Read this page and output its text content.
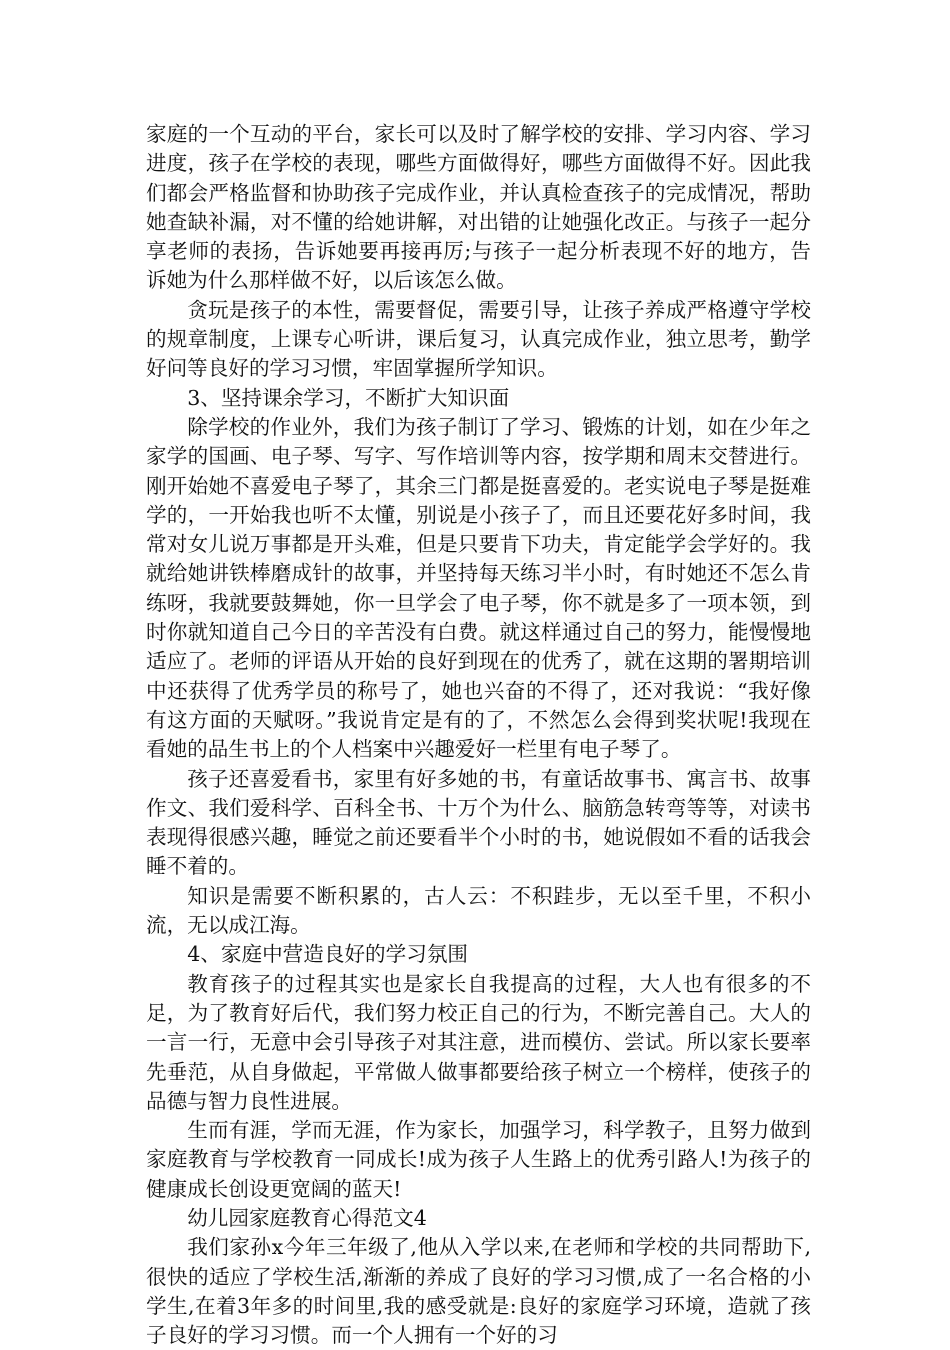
家庭的一个互动的平台，家长可以及时了解学校的安排、学习内容、学习进度，孩子在学校的表现，哪些方面做得好，哪些方面做得不好。因此我们都会严格监督和协助孩子完成作业，并认真检查孩子的完成情况，帮助她查缺补漏，对不懂的给她讲解，对出错的让她强化改正。与孩子一起分享老师的表扬，告诉她要再接再厉;与孩子一起分析表现不好的地方，告诉她为什么那样做不好，以后该怎么做。

贪玩是孩子的本性，需要督促，需要引导，让孩子养成严格遵守学校的规章制度，上课专心听讲，课后复习，认真完成作业，独立思考，勤学好问等良好的学习习惯，牢固掌握所学知识。

3、坚持课余学习，不断扩大知识面

除学校的作业外，我们为孩子制订了学习、锻炼的计划，如在少年之家学的国画、电子琴、写字、写作培训等内容，按学期和周末交替进行。刚开始她不喜爱电子琴了，其余三门都是挺喜爱的。老实说电子琴是挺难学的，一开始我也听不太懂，别说是小孩子了，而且还要花好多时间，我常对女儿说万事都是开头难，但是只要肯下功夫，肯定能学会学好的。我就给她讲铁棒磨成针的故事，并坚持每天练习半小时，有时她还不怎么肯练呀，我就要鼓舞她，你一旦学会了电子琴，你不就是多了一项本领，到时你就知道自己今日的辛苦没有白费。就这样通过自己的努力，能慢慢地适应了。老师的评语从开始的良好到现在的优秀了，就在这期的署期培训中还获得了优秀学员的称号了，她也兴奋的不得了，还对我说：“我好像有这方面的天赋呀。”我说肯定是有的了，不然怎么会得到奖状呢!我现在看她的品生书上的个人档案中兴趣爱好一栏里有电子琴了。

孩子还喜爱看书，家里有好多她的书，有童话故事书、寓言书、故事作文、我们爱科学、百科全书、十万个为什么、脑筋急转弯等等，对读书表现得很感兴趣，睡觉之前还要看半个小时的书，她说假如不看的话我会睡不着的。

知识是需要不断积累的，古人云：不积跬步，无以至千里，不积小流，无以成江海。

4、家庭中营造良好的学习氛围

教育孩子的过程其实也是家长自我提高的过程，大人也有很多的不足，为了教育好后代，我们努力校正自己的行为，不断完善自己。大人的一言一行，无意中会引导孩子对其注意，进而模仿、尝试。所以家长要率先垂范，从自身做起，平常做人做事都要给孩子树立一个榜样，使孩子的品德与智力良性进展。

生而有涯，学而无涯，作为家长，加强学习，科学教子，且努力做到家庭教育与学校教育一同成长!成为孩子人生路上的优秀引路人!为孩子的健康成长创设更宽阔的蓝天!

幼儿园家庭教育心得范文4

我们家孙x今年三年级了,他从入学以来,在老师和学校的共同帮助下,很快的适应了学校生活,渐渐的养成了良好的学习习惯,成了一名合格的小学生,在着3年多的时间里,我的感受就是:良好的家庭学习环境，造就了孩子良好的学习习惯。而一个人拥有一个好的习
